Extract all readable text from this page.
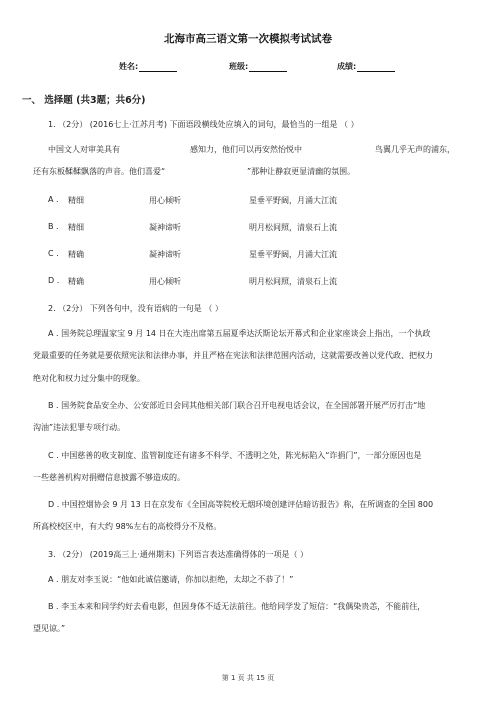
北海市高三语文第一次模拟考试试卷
姓名:	班级:	成绩:
一、 选择题 (共3题；共6分)
1. （2分） (2016七上·江苏月考) 下面语段横线处应填入的词句，最恰当的一组是 （ ）
中国文人对审美具有	感知力，他们可以再安然怡悦中	鸟翼几乎无声的浦东，
还有东板鞣鞣飘落的声音。他们喜爱“	”那种让静寂更显清幽的氛围。
A . 精细	用心倾听	星垂平野阔，月涌大江流
B . 精细	凝神谛听	明月松间照，清泉石上流
C . 精确	凝神谛听	星垂平野阔，月涌大江流
D . 精确	用心倾听	明月松间照，清泉石上流
2. （2分） 下列各句中，没有语病的一句是 （ ）
A . 国务院总理温家宝 9 月 14 日在大连出席第五届夏季达沃斯论坛开幕式和企业家座谈会上指出，一个执政
党最重要的任务就是要依照宪法和法律办事，并且严格在宪法和法律范围内活动，这就需要改善以党代政、把权力
绝对化和权力过分集中的现象。
B . 国务院食品安全办、公安部近日会同其他相关部门联合召开电视电话会议，在全国部署开展严厉打击“地
沟油”违法犯罪专项行动。
C . 中国慈善的收支制度、监管制度还有诸多不科学、不透明之处，陈光标陷入“诈捐门”，一部分原因也是
一些慈善机构对捐赠信息披露不够造成的。
D . 中国控烟协会 9 月 13 日在京发布《全国高等院校无烟环境创建评估暗访报告》称，在所调查的全国 800
所高校校区中，有大约 98%左右的高校得分不及格。
3. （2分） (2019高三上·通州期末) 下列语言表达准确得体的一项是（ ）
A . 朋友对李玉说：“他如此诚信邀请，你加以拒绝，太却之不恭了！”
B . 李玉本来和同学约好去看电影，但因身体不适无法前往。他给同学发了短信：“我偶染贵恙，不能前往，
望见谅。”
第 1 页 共 15 页
